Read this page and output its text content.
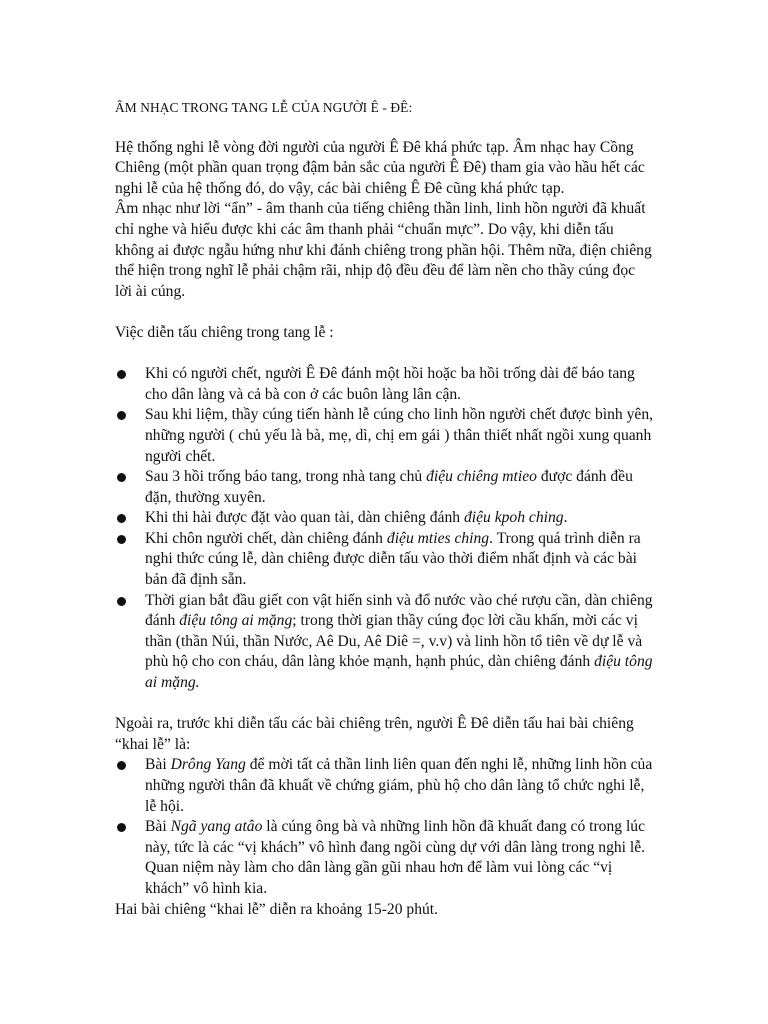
ÂM NHẠC TRONG TANG LỄ CỦA NGƯỜI Ê - ĐÊ:

Hệ thống nghi lễ vòng đời người của người Ê Đê khá phức tạp. Âm nhạc hay Cồng Chiêng (một phần quan trọng đậm bản sắc của người Ê Đê) tham gia vào hầu hết các nghi lễ của hệ thống đó, do vậy, các bài chiêng Ê Đê cũng khá phức tạp.

Âm nhạc như lời “ẩn” - âm thanh của tiếng chiêng thần linh, linh hồn người đã khuất chỉ nghe và hiểu được khi các âm thanh phải “chuẩn mực”. Do vậy, khi diễn tấu không ai được ngẫu hứng như khi đánh chiêng trong phần hội. Thêm nữa, điện chiêng thể hiện trong nghĩ lễ phải chậm rãi, nhịp độ đều đều để làm nền cho thầy cúng đọc lời ài cúng.

Việc diễn tấu chiêng trong tang lễ :

Khi có người chết, người Ê Đê đánh một hồi hoặc ba hồi trống dài để báo tang cho dân làng và cả bà con ở các buôn làng lân cận.
Sau khi liệm, thầy cúng tiến hành lễ cúng cho linh hồn người chết được bình yên, những người ( chủ yếu là bà, mẹ, dì, chị em gái ) thân thiết nhất ngồi xung quanh người chết.
Sau 3 hồi trống báo tang, trong nhà tang chủ điệu chiêng mtieo được đánh đều đặn, thường xuyên.
Khi thi hài được đặt vào quan tài, dàn chiêng đánh điệu kpoh ching.
Khi chôn người chết, dàn chiêng đánh điệu mties ching. Trong quá trình diễn ra nghi thức cúng lễ, dàn chiêng được diễn tấu vào thời điểm nhất định và các bài bản đã định sẵn.
Thời gian bắt đầu giết con vật hiến sinh và đổ nước vào ché rượu cần, dàn chiêng đánh điệu tông ai mặng; trong thời gian thầy cúng đọc lời cầu khấn, mời các vị thần (thần Núi, thần Nước, Aê Du, Aê Diê =, v.v) và linh hồn tổ tiên về dự lễ và phù hộ cho con cháu, dân làng khỏe mạnh, hạnh phúc, dàn chiêng đánh điệu tông ai mặng.

Ngoài ra, trước khi diễn tấu các bài chiêng trên, người Ê Đê diễn tấu hai bài chiêng “khai lễ” là:

Bài Drông Yang để mời tất cả thần linh liên quan đến nghi lễ, những linh hồn của những người thân đã khuất về chứng giám, phù hộ cho dân làng tổ chức nghi lễ, lễ hội.
Bài Ngã yang atâo là cúng ông bà và những linh hồn đã khuất đang có trong lúc này, tức là các “vị khách” vô hình đang ngồi cùng dự với dân làng trong nghi lễ. Quan niệm này làm cho dân làng gần gũi nhau hơn để làm vui lòng các “vị khách” vô hình kia.

Hai bài chiêng “khai lễ” diễn ra khoảng 15-20 phút.
